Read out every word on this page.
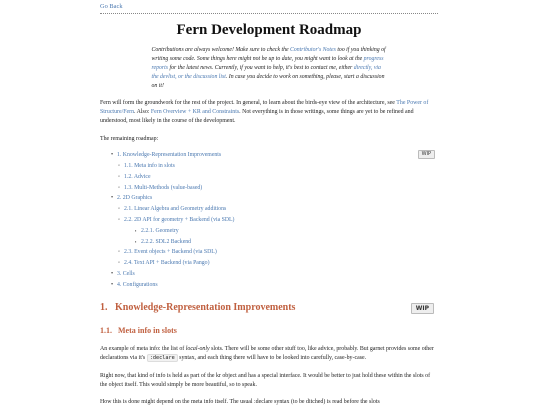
Go Back
Fern Development Roadmap

Contributions are always welcome! Make sure to check the Contributor's Notes too if you thinking of writing some code. Some things here might not be up to date, you might want to look at the progress reports for the latest news. Currently, if you want to help, it's best to contact me, either directly, via the devlist, or the discussion list. In case you decide to work on something, please, start a discussion on it!

Fern will form the groundwork for the rest of the project. In general, to learn about the birds-eye view of the architecture, see The Power of Structure/Fern. Also: Fern Overview + KR and Constraints. Not everything is in those writings, some things are yet to be refined and understood, most likely in the course of the development.

The remaining roadmap:

WIP
• 1. Knowledge-Representation Improvements
◦ 1.1. Meta info in slots
◦ 1.2. Advice
◦ 1.3. Multi-Methods (value-based)
• 2. 2D Graphics
◦ 2.1. Linear Algebra and Geometry additions
◦ 2.2. 2D API for geometry + Backend (via SDL)
▪ 2.2.1. Geometry
▪ 2.2.2. SDL2 Backend
◦ 2.3. Event objects + Backend (via SDL)
◦ 2.4. Text API + Backend (via Pango)
• 3. Cells
• 4. Configurations
1.   Knowledge-Representation Improvements	WIP
1.1.   Meta info in slots

An example of meta info: the list of local-only slots. There will be some other stuff too, like advice, probably. But garnet provides some other declarations via it's :declare syntax, and each thing there will have to be looked into carefully, case-by-case.

Right now, that kind of info is held as part of the kr object and has a special interface. It would be better to just hold these within the slots of the object itself. This would simply be more beautiful, so to speak.

How this is done might depend on the meta info itself. The usual :declare syntax (to be ditched) is read before the slots
